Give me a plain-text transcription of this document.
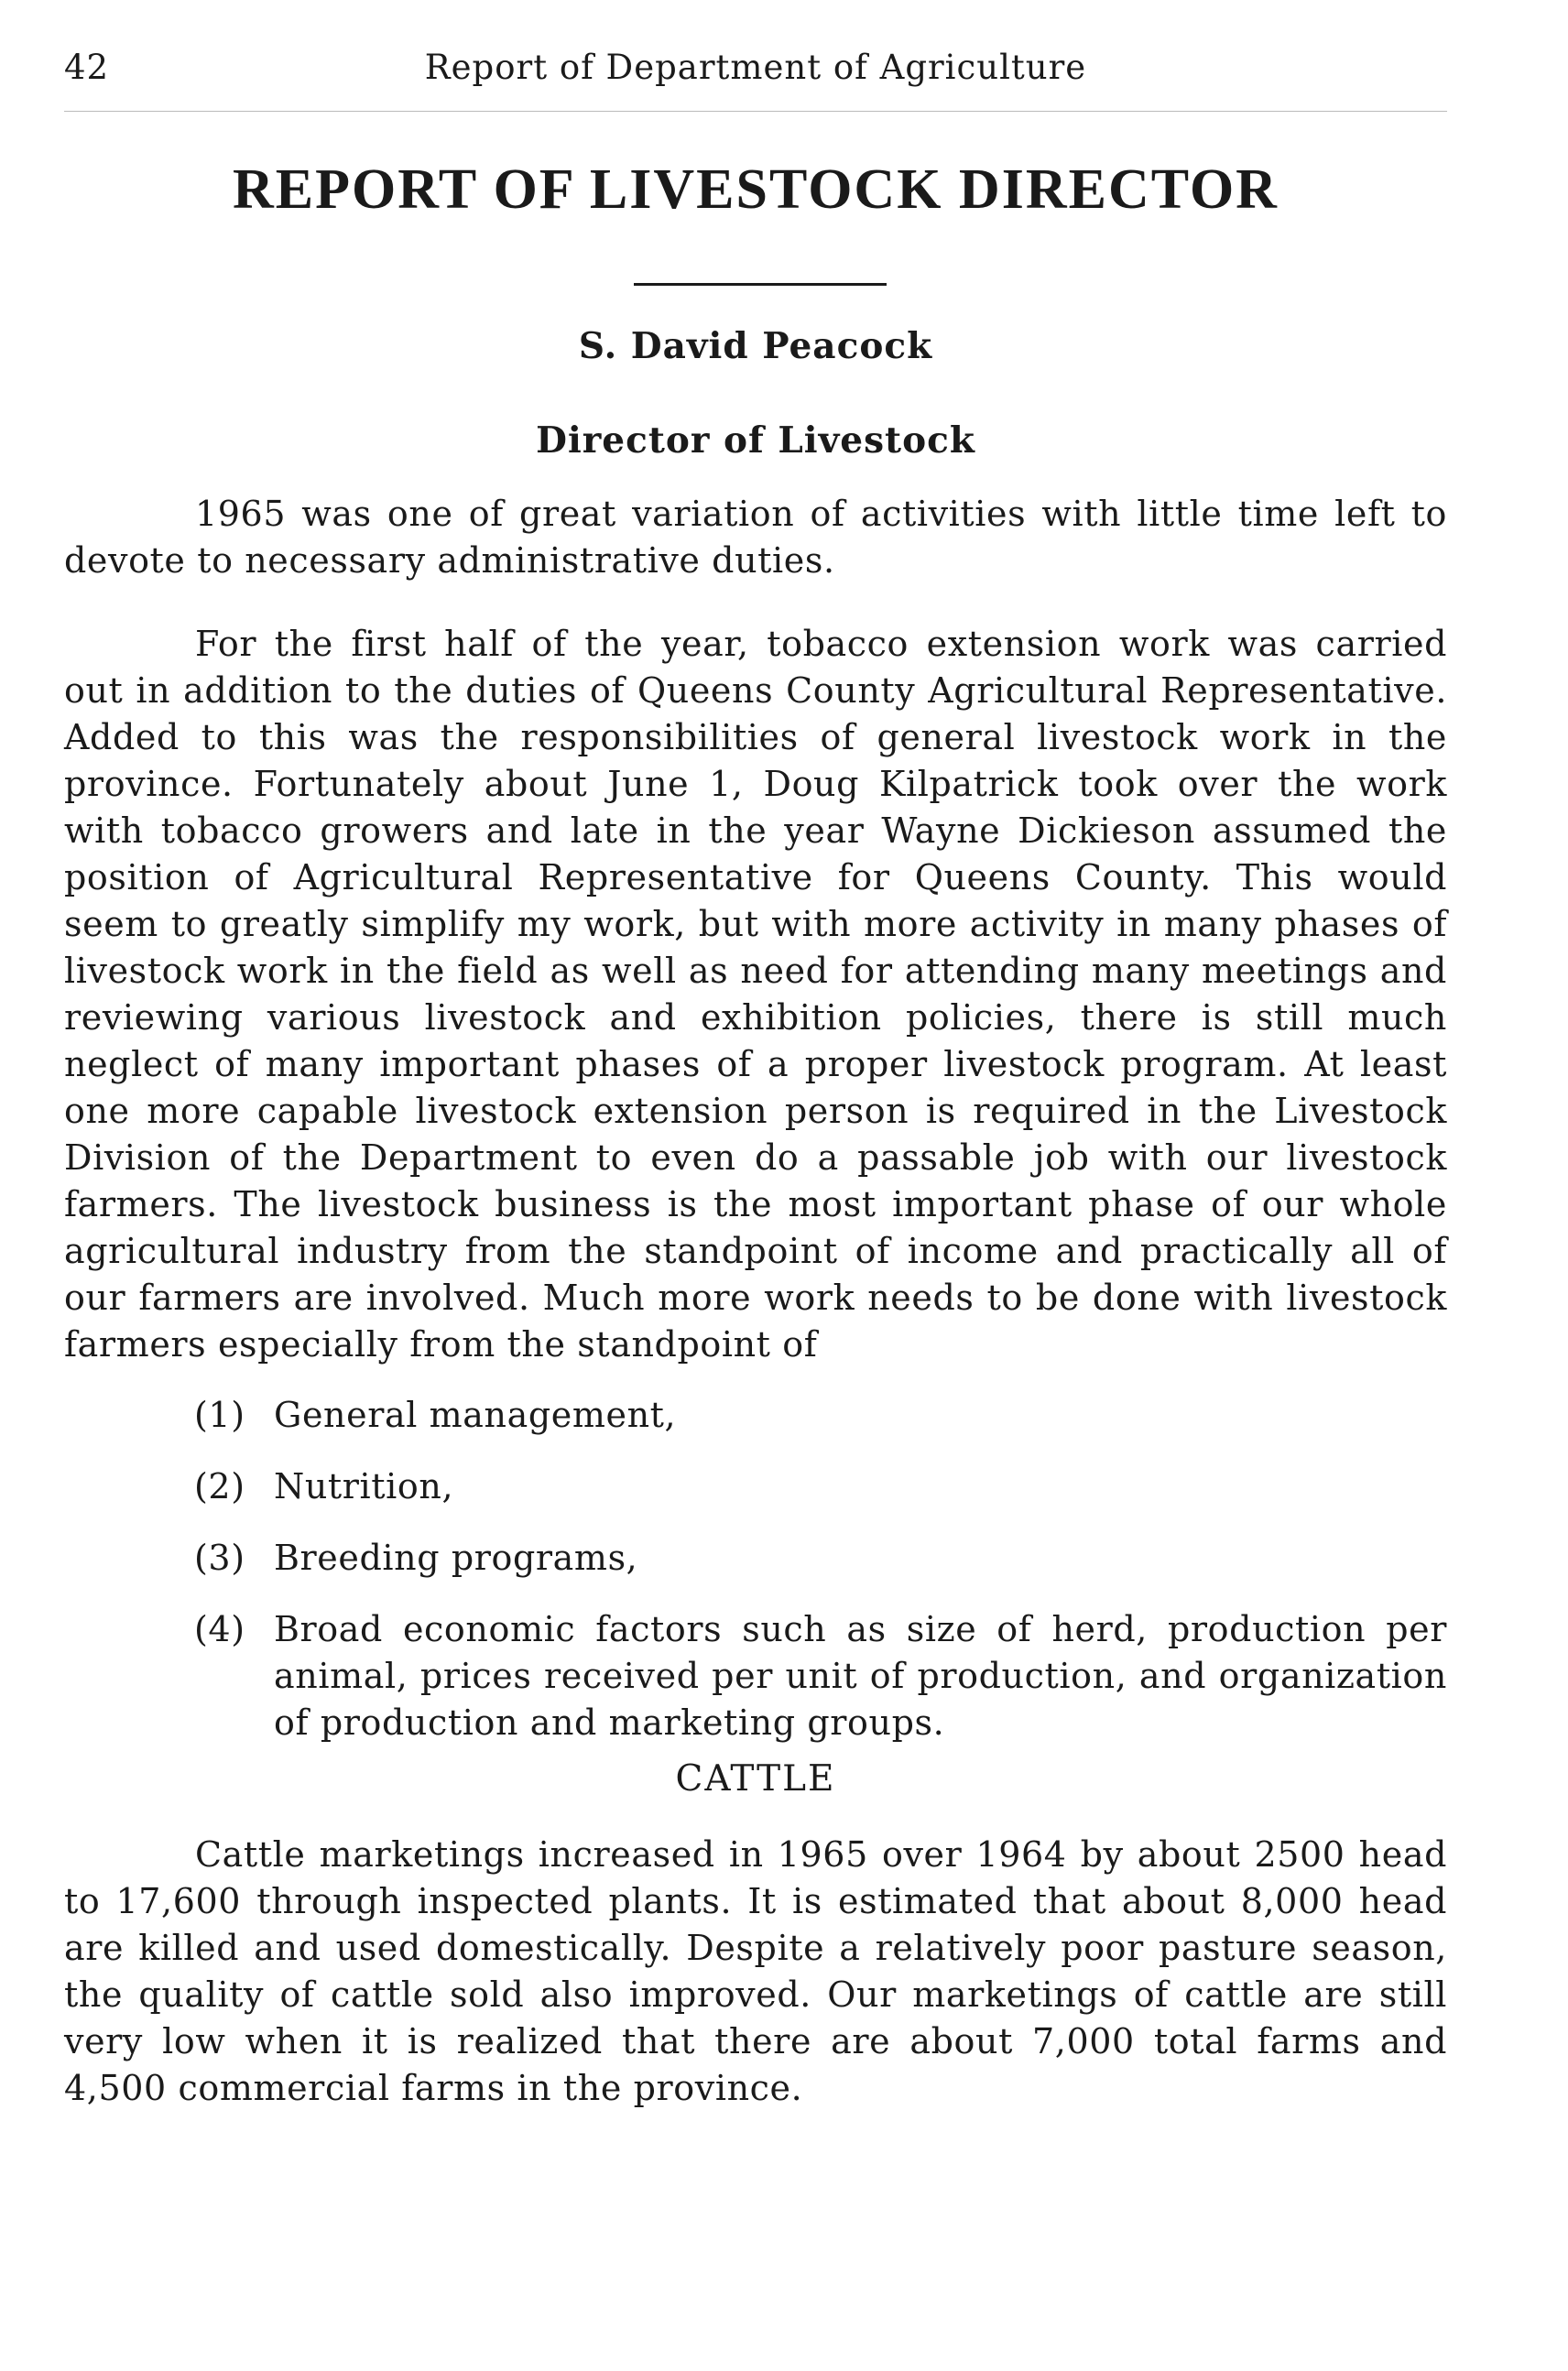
42	Report of Department of Agriculture
REPORT OF LIVESTOCK DIRECTOR
S. David Peacock
Director of Livestock

1965 was one of great variation of activities with little time left to devote to necessary administrative duties.

For the first half of the year, tobacco extension work was carried out in addition to the duties of Queens County Agricultural Representative. Added to this was the responsibilities of general livestock work in the province. Fortunately about June 1, Doug Kilpatrick took over the work with tobacco growers and late in the year Wayne Dickieson assumed the position of Agricultural Representative for Queens County. This would seem to greatly simplify my work, but with more activity in many phases of livestock work in the field as well as need for attending many meetings and reviewing various livestock and exhibition policies, there is still much neglect of many important phases of a proper livestock program. At least one more capable livestock extension person is required in the Livestock Division of the Department to even do a passable job with our livestock farmers. The livestock business is the most important phase of our whole agricultural industry from the standpoint of income and practically all of our farmers are involved. Much more work needs to be done with livestock farmers especially from the standpoint of

(1) General management,
(2) Nutrition,
(3) Breeding programs,
(4) Broad economic factors such as size of herd, production per animal, prices received per unit of production, and organization of production and marketing groups.
CATTLE

Cattle marketings increased in 1965 over 1964 by about 2500 head to 17,600 through inspected plants. It is estimated that about 8,000 head are killed and used domestically. Despite a relatively poor pasture season, the quality of cattle sold also improved. Our marketings of cattle are still very low when it is realized that there are about 7,000 total farms and 4,500 commercial farms in the province.
